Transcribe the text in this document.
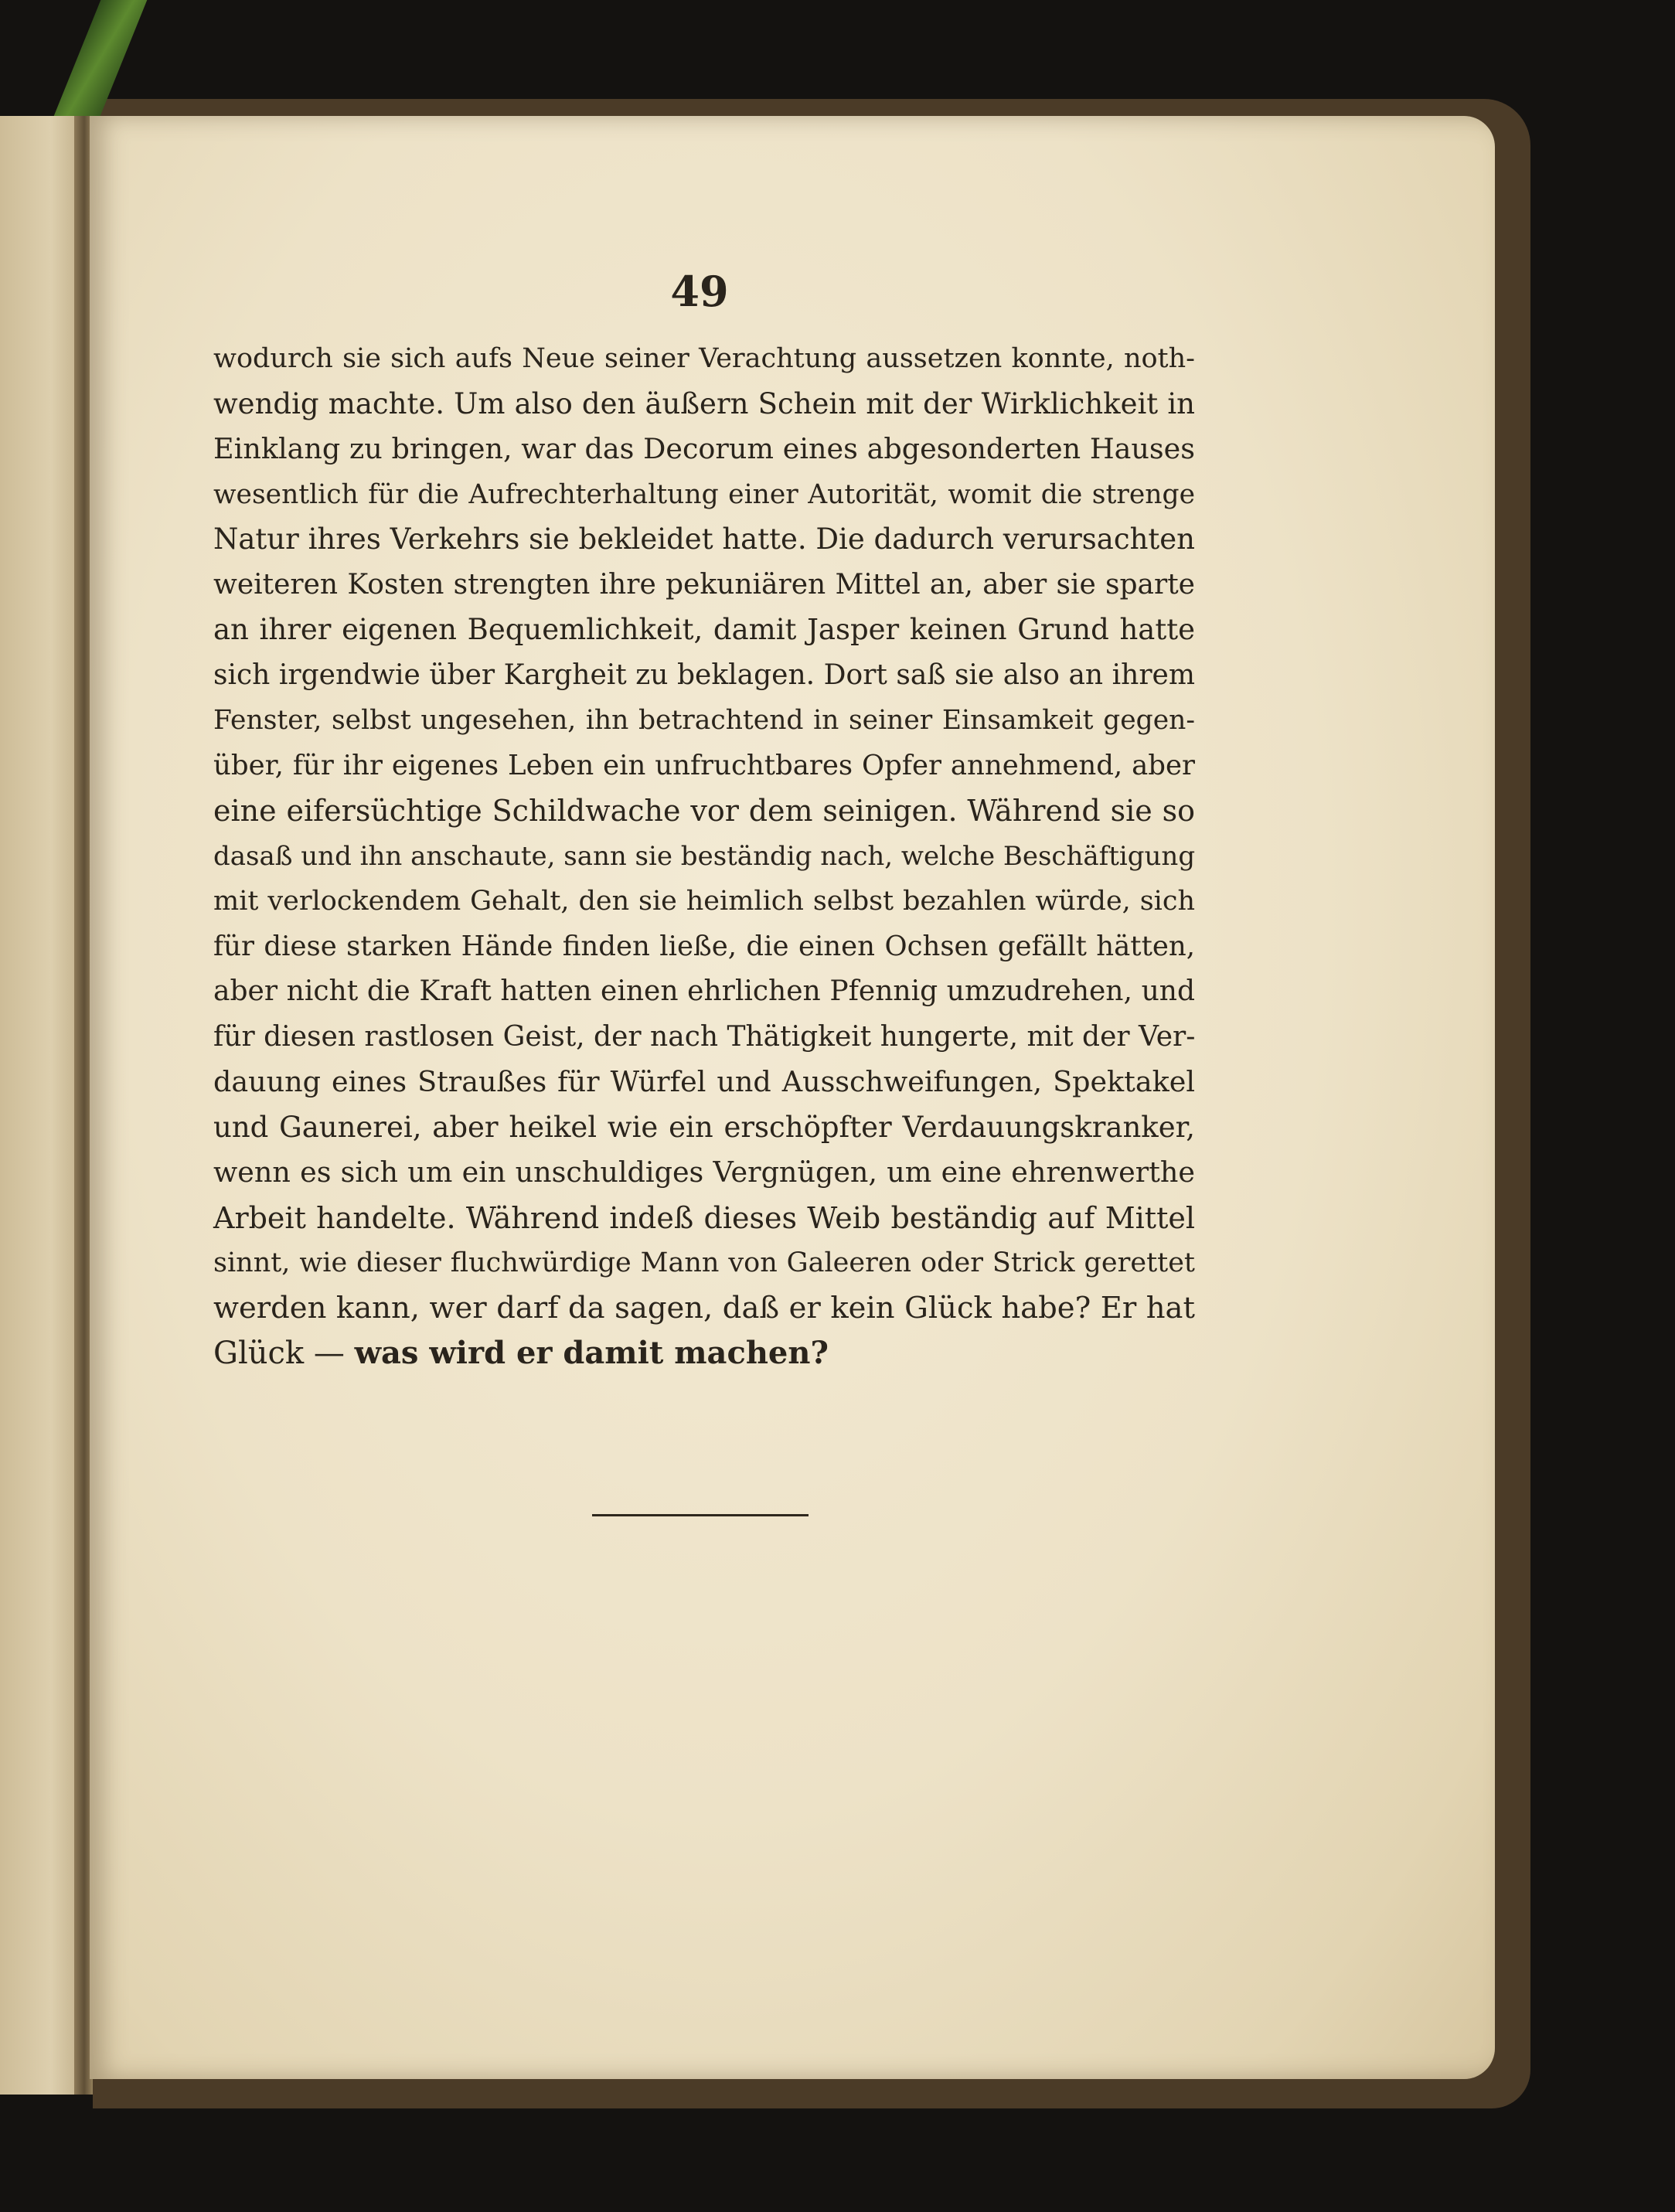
49

wodurch sie sich aufs Neue seiner Verachtung aussetzen konnte, noth-
wendig machte. Um also den äußern Schein mit der Wirklichkeit in
Einklang zu bringen, war das Decorum eines abgesonderten Hauses
wesentlich für die Aufrechterhaltung einer Autorität, womit die strenge
Natur ihres Verkehrs sie bekleidet hatte. Die dadurch verursachten
weiteren Kosten strengten ihre pekuniären Mittel an, aber sie sparte
an ihrer eigenen Bequemlichkeit, damit Jasper keinen Grund hatte
sich irgendwie über Kargheit zu beklagen. Dort saß sie also an ihrem
Fenster, selbst ungesehen, ihn betrachtend in seiner Einsamkeit gegen-
über, für ihr eigenes Leben ein unfruchtbares Opfer annehmend, aber
eine eifersüchtige Schildwache vor dem seinigen. Während sie so
dasaß und ihn anschaute, sann sie beständig nach, welche Beschäftigung
mit verlockendem Gehalt, den sie heimlich selbst bezahlen würde, sich
für diese starken Hände finden ließe, die einen Ochsen gefällt hätten,
aber nicht die Kraft hatten einen ehrlichen Pfennig umzudrehen, und
für diesen rastlosen Geist, der nach Thätigkeit hungerte, mit der Ver-
dauung eines Straußes für Würfel und Ausschweifungen, Spektakel
und Gaunerei, aber heikel wie ein erschöpfter Verdauungskranker,
wenn es sich um ein unschuldiges Vergnügen, um eine ehrenwerthe
Arbeit handelte. Während indeß dieses Weib beständig auf Mittel
sinnt, wie dieser fluchwürdige Mann von Galeeren oder Strick gerettet
werden kann, wer darf da sagen, daß er kein Glück habe? Er hat
Glück — was wird er damit machen?
